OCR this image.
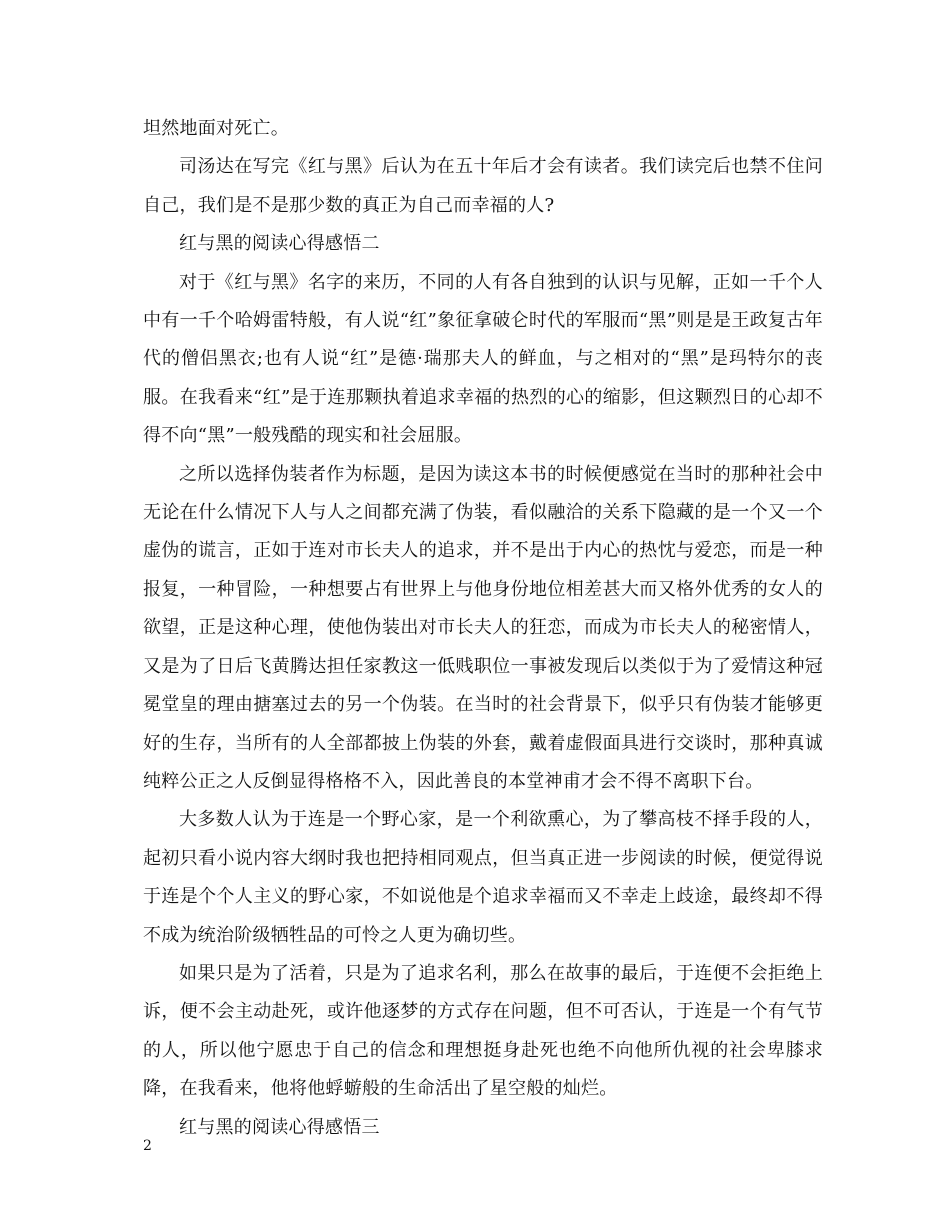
坦然地面对死亡。

司汤达在写完《红与黑》后认为在五十年后才会有读者。我们读完后也禁不住问自己，我们是不是那少数的真正为自己而幸福的人?

红与黑的阅读心得感悟二

对于《红与黑》名字的来历，不同的人有各自独到的认识与见解，正如一千个人中有一千个哈姆雷特般，有人说“红”象征拿破仑时代的军服而“黑”则是是王政复古年代的僧侣黑衣;也有人说“红”是德·瑞那夫人的鲜血，与之相对的“黑”是玛特尔的丧服。在我看来“红”是于连那颗执着追求幸福的热烈的心的缩影，但这颗烈日的心却不得不向“黑”一般残酷的现实和社会屈服。

之所以选择伪装者作为标题，是因为读这本书的时候便感觉在当时的那种社会中无论在什么情况下人与人之间都充满了伪装，看似融洽的关系下隐藏的是一个又一个虚伪的谎言，正如于连对市长夫人的追求，并不是出于内心的热忱与爱恋，而是一种报复，一种冒险，一种想要占有世界上与他身份地位相差甚大而又格外优秀的女人的欲望，正是这种心理，使他伪装出对市长夫人的狂恋，而成为市长夫人的秘密情人，又是为了日后飞黄腾达担任家教这一低贱职位一事被发现后以类似于为了爱情这种冠冕堂皇的理由搪塞过去的另一个伪装。在当时的社会背景下，似乎只有伪装才能够更好的生存，当所有的人全部都披上伪装的外套，戴着虚假面具进行交谈时，那种真诚纯粹公正之人反倒显得格格不入，因此善良的本堂神甫才会不得不离职下台。

大多数人认为于连是一个野心家，是一个利欲熏心，为了攀高枝不择手段的人，起初只看小说内容大纲时我也把持相同观点，但当真正进一步阅读的时候，便觉得说于连是个个人主义的野心家，不如说他是个追求幸福而又不幸走上歧途，最终却不得不成为统治阶级牺牲品的可怜之人更为确切些。

如果只是为了活着，只是为了追求名利，那么在故事的最后，于连便不会拒绝上诉，便不会主动赴死，或许他逐梦的方式存在问题，但不可否认，于连是一个有气节的人，所以他宁愿忠于自己的信念和理想挺身赴死也绝不向他所仇视的社会卑膝求降，在我看来，他将他蜉蝣般的生命活出了星空般的灿烂。

红与黑的阅读心得感悟三

2
